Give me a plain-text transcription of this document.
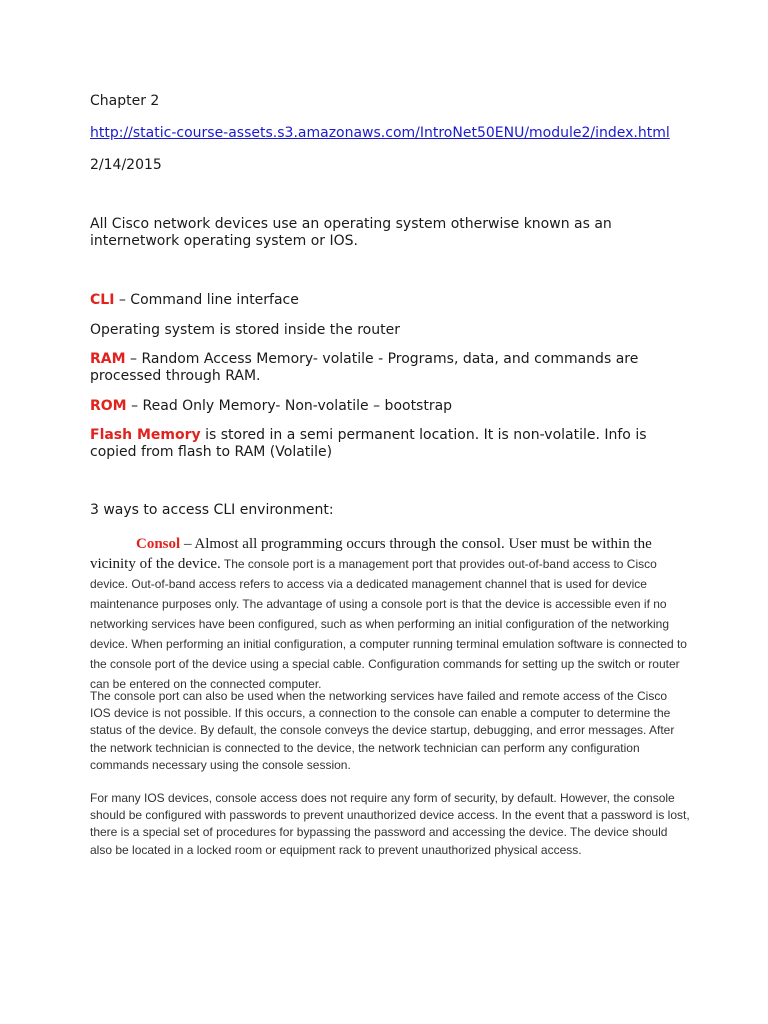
Chapter 2
http://static-course-assets.s3.amazonaws.com/IntroNet50ENU/module2/index.html
2/14/2015
All Cisco network devices use an operating system otherwise known as an internetwork operating system or IOS.
CLI – Command line interface
Operating system is stored inside the router
RAM – Random Access Memory- volatile - Programs, data, and commands are processed through RAM.
ROM – Read Only Memory- Non-volatile – bootstrap
Flash Memory is stored in a semi permanent location. It is non-volatile. Info is copied from flash to RAM (Volatile)
3 ways to access CLI environment:
Consol – Almost all programming occurs through the consol. User must be within the vicinity of the device. The console port is a management port that provides out-of-band access to Cisco device. Out-of-band access refers to access via a dedicated management channel that is used for device maintenance purposes only. The advantage of using a console port is that the device is accessible even if no networking services have been configured, such as when performing an initial configuration of the networking device. When performing an initial configuration, a computer running terminal emulation software is connected to the console port of the device using a special cable. Configuration commands for setting up the switch or router can be entered on the connected computer.
The console port can also be used when the networking services have failed and remote access of the Cisco IOS device is not possible. If this occurs, a connection to the console can enable a computer to determine the status of the device. By default, the console conveys the device startup, debugging, and error messages. After the network technician is connected to the device, the network technician can perform any configuration commands necessary using the console session.
For many IOS devices, console access does not require any form of security, by default. However, the console should be configured with passwords to prevent unauthorized device access. In the event that a password is lost, there is a special set of procedures for bypassing the password and accessing the device. The device should also be located in a locked room or equipment rack to prevent unauthorized physical access.
